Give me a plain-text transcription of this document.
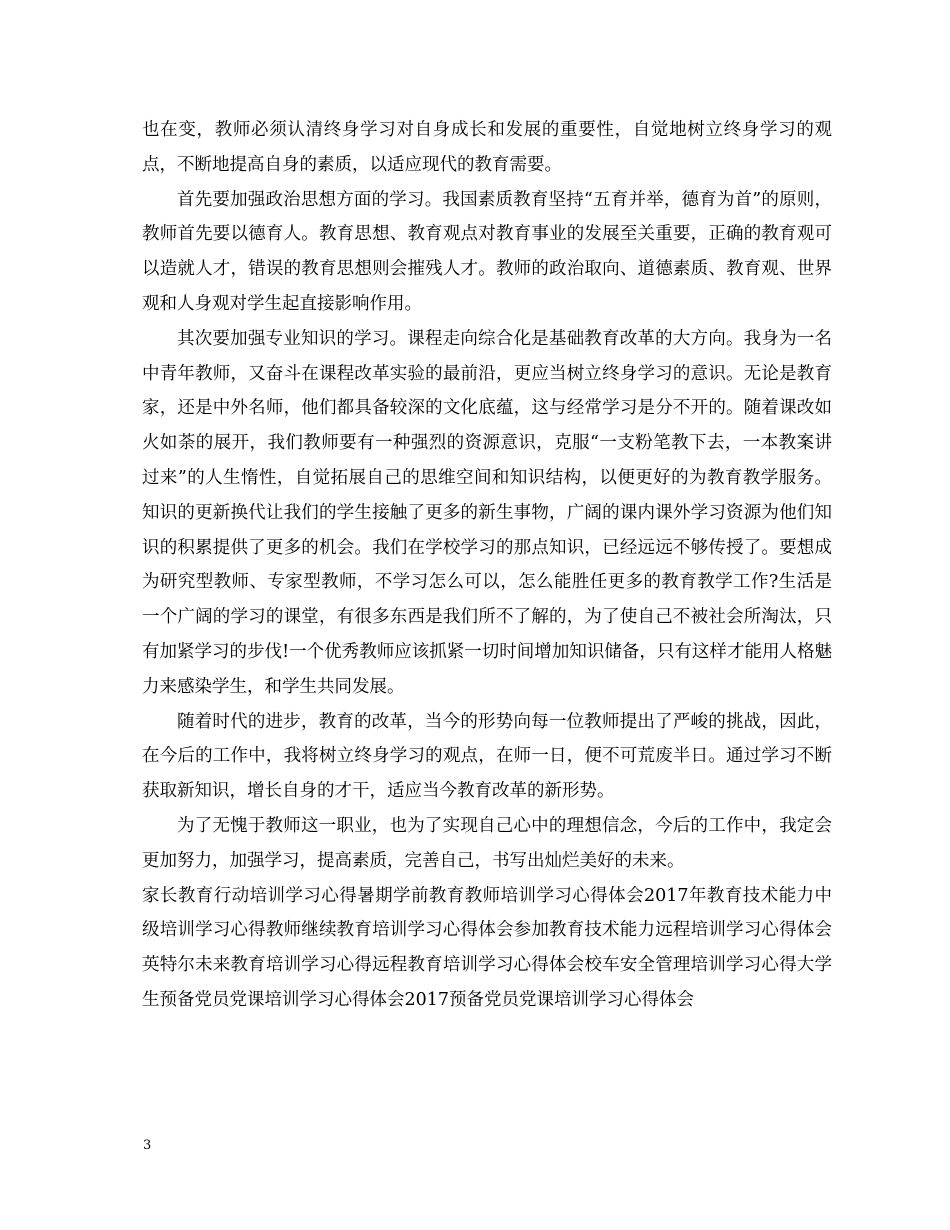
也在变，教师必须认清终身学习对自身成长和发展的重要性，自觉地树立终身学习的观点，不断地提高自身的素质，以适应现代的教育需要。

首先要加强政治思想方面的学习。我国素质教育坚持“五育并举，德育为首”的原则，教师首先要以德育人。教育思想、教育观点对教育事业的发展至关重要，正确的教育观可以造就人才，错误的教育思想则会摧残人才。教师的政治取向、道德素质、教育观、世界观和人身观对学生起直接影响作用。

其次要加强专业知识的学习。课程走向综合化是基础教育改革的大方向。我身为一名中青年教师，又奋斗在课程改革实验的最前沿，更应当树立终身学习的意识。无论是教育家，还是中外名师，他们都具备较深的文化底蕴，这与经常学习是分不开的。随着课改如火如荼的展开，我们教师要有一种强烈的资源意识，克服“一支粉笔教下去，一本教案讲过来”的人生惰性，自觉拓展自己的思维空间和知识结构，以便更好的为教育教学服务。知识的更新换代让我们的学生接触了更多的新生事物，广阔的课内课外学习资源为他们知识的积累提供了更多的机会。我们在学校学习的那点知识，已经远远不够传授了。要想成为研究型教师、专家型教师，不学习怎么可以，怎么能胜任更多的教育教学工作?生活是一个广阔的学习的课堂，有很多东西是我们所不了解的，为了使自己不被社会所淘汰，只有加紧学习的步伐!一个优秀教师应该抓紧一切时间增加知识储备，只有这样才能用人格魅力来感染学生，和学生共同发展。

随着时代的进步，教育的改革，当今的形势向每一位教师提出了严峻的挑战，因此，在今后的工作中，我将树立终身学习的观点，在师一日，便不可荒废半日。通过学习不断获取新知识，增长自身的才干，适应当今教育改革的新形势。

为了无愧于教师这一职业，也为了实现自己心中的理想信念，今后的工作中，我定会更加努力，加强学习，提高素质，完善自己，书写出灿烂美好的未来。

家长教育行动培训学习心得暑期学前教育教师培训学习心得体会2017年教育技术能力中级培训学习心得教师继续教育培训学习心得体会参加教育技术能力远程培训学习心得体会英特尔未来教育培训学习心得远程教育培训学习心得体会校车安全管理培训学习心得大学生预备党员党课培训学习心得体会2017预备党员党课培训学习心得体会

3
